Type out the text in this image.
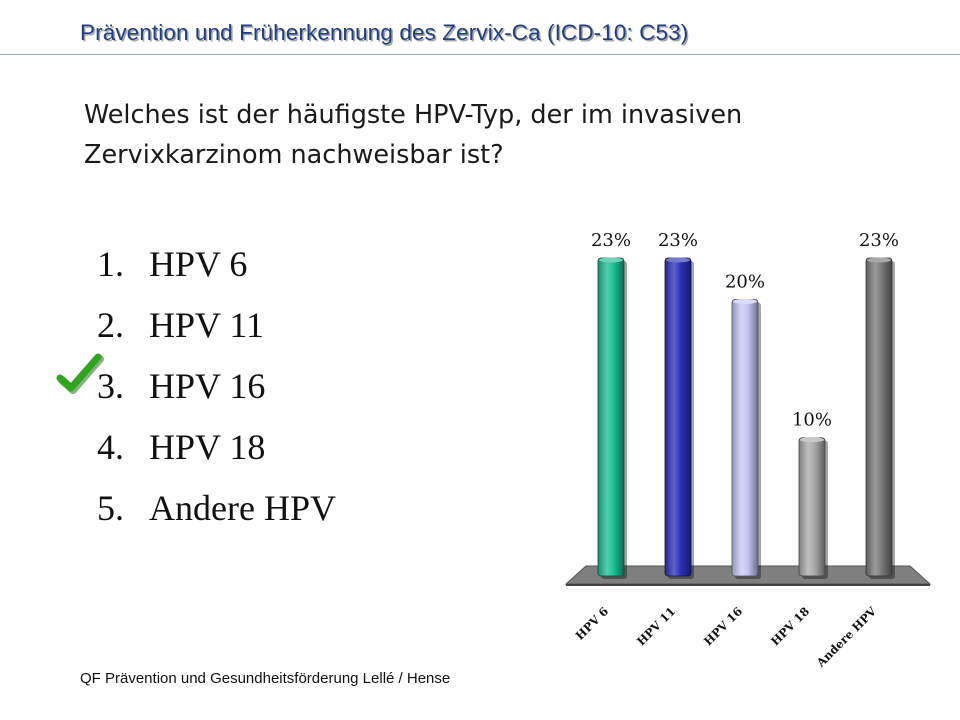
Prävention und Früherkennung des Zervix-Ca (ICD-10: C53)
Welches ist der häufigste HPV-Typ, der im invasiven Zervixkarzinom nachweisbar ist?
1. HPV 6
2. HPV 11
3. HPV 16
4. HPV 18
5. Andere HPV
23%
HPV 6
23%
HPV 11
20%
HPV 16
10%
HPV 18
23%
Andere HPV
QF Prävention und Gesundheitsförderung Lellé / Hense
